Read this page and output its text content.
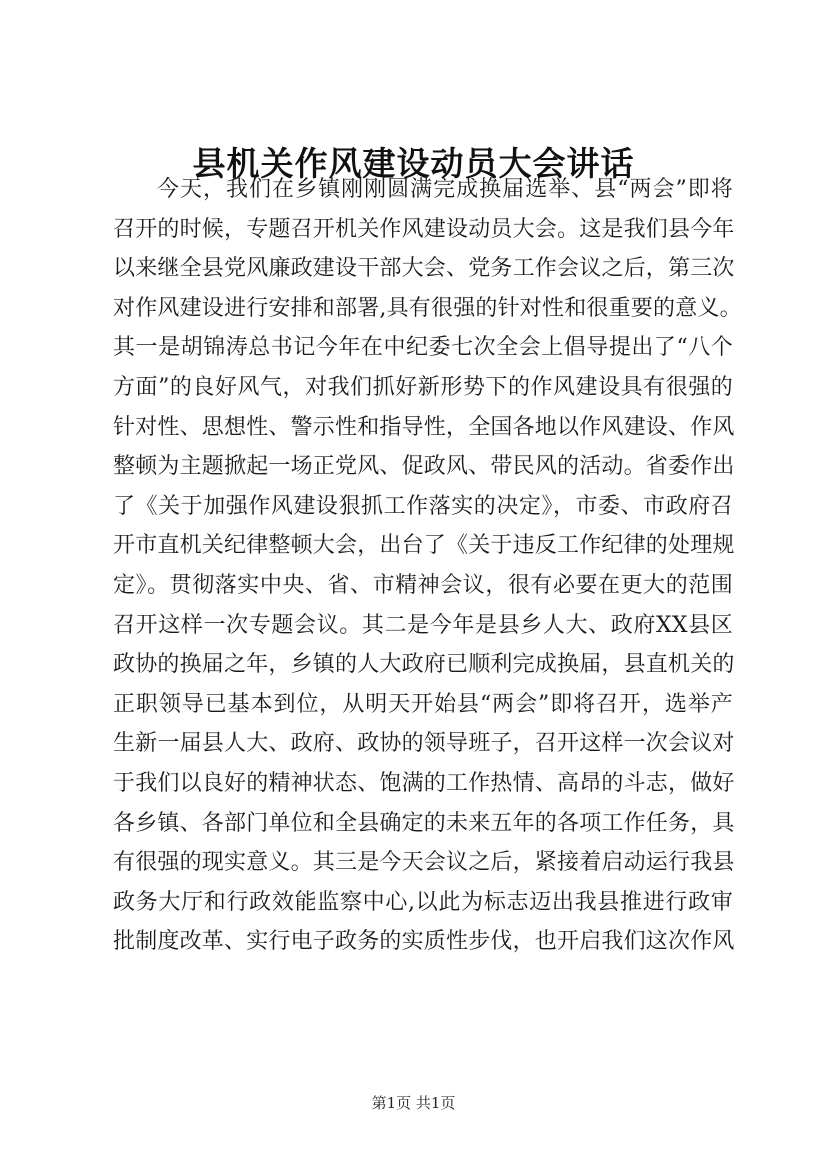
县机关作风建设动员大会讲话
今天，我们在乡镇刚刚圆满完成换届选举、县“两会”即将
召开的时候，专题召开机关作风建设动员大会。这是我们县今年
以来继全县党风廉政建设干部大会、党务工作会议之后，第三次
对作风建设进行安排和部署,具有很强的针对性和很重要的意义。
其一是胡锦涛总书记今年在中纪委七次全会上倡导提出了“八个
方面”的良好风气，对我们抓好新形势下的作风建设具有很强的
针对性、思想性、警示性和指导性，全国各地以作风建设、作风
整顿为主题掀起一场正党风、促政风、带民风的活动。省委作出
了《关于加强作风建设狠抓工作落实的决定》，市委、市政府召
开市直机关纪律整顿大会，出台了《关于违反工作纪律的处理规
定》。贯彻落实中央、省、市精神会议，很有必要在更大的范围
召开这样一次专题会议。其二是今年是县乡人大、政府XX县区
政协的换届之年，乡镇的人大政府已顺利完成换届，县直机关的
正职领导已基本到位，从明天开始县“两会”即将召开，选举产
生新一届县人大、政府、政协的领导班子，召开这样一次会议对
于我们以良好的精神状态、饱满的工作热情、高昂的斗志，做好
各乡镇、各部门单位和全县确定的未来五年的各项工作任务，具
有很强的现实意义。其三是今天会议之后，紧接着启动运行我县
政务大厅和行政效能监察中心,以此为标志迈出我县推进行政审
批制度改革、实行电子政务的实质性步伐，也开启我们这次作风
第1页 共1页
